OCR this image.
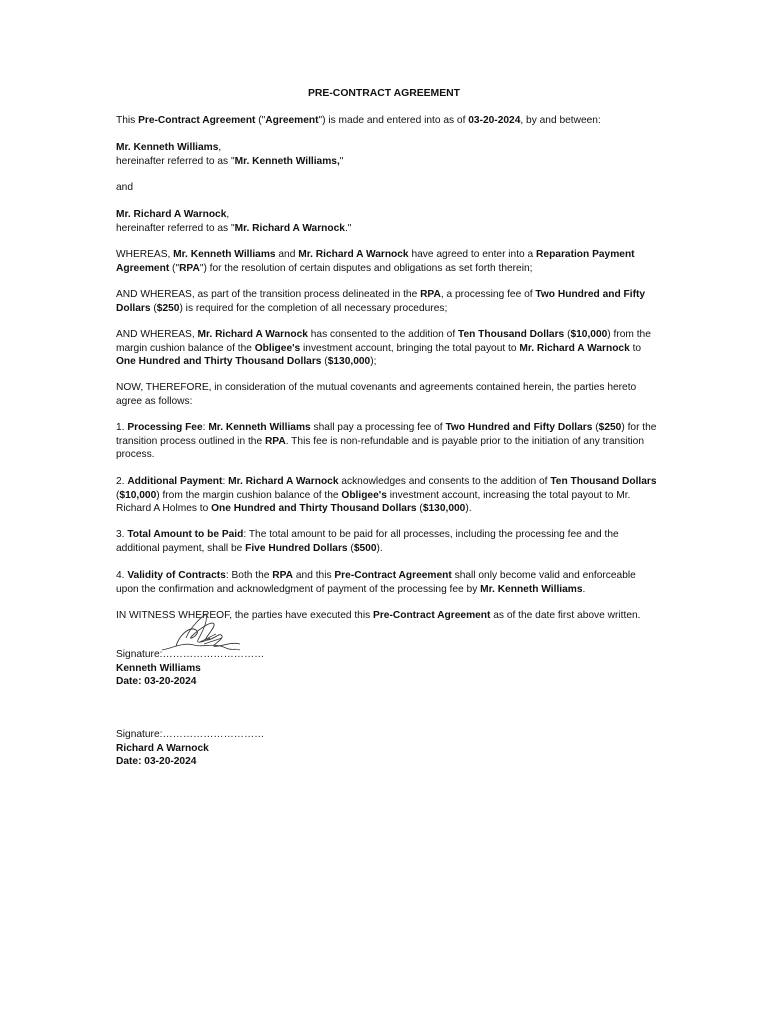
PRE-CONTRACT AGREEMENT

This Pre-Contract Agreement ("Agreement") is made and entered into as of 03-20-2024, by and between:

Mr. Kenneth Williams,

hereinafter referred to as "Mr. Kenneth Williams,"

and

Mr. Richard A Warnock,

hereinafter referred to as "Mr. Richard A Warnock."

WHEREAS, Mr. Kenneth Williams and Mr. Richard A Warnock have agreed to enter into a Reparation Payment Agreement ("RPA") for the resolution of certain disputes and obligations as set forth therein;

AND WHEREAS, as part of the transition process delineated in the RPA, a processing fee of Two Hundred and Fifty Dollars ($250) is required for the completion of all necessary procedures;

AND WHEREAS, Mr. Richard A Warnock has consented to the addition of Ten Thousand Dollars ($10,000) from the margin cushion balance of the Obligee's investment account, bringing the total payout to Mr. Richard A Warnock to One Hundred and Thirty Thousand Dollars ($130,000);

NOW, THEREFORE, in consideration of the mutual covenants and agreements contained herein, the parties hereto agree as follows:

1. Processing Fee: Mr. Kenneth Williams shall pay a processing fee of Two Hundred and Fifty Dollars ($250) for the transition process outlined in the RPA. This fee is non-refundable and is payable prior to the initiation of any transition process.

2. Additional Payment: Mr. Richard A Warnock acknowledges and consents to the addition of Ten Thousand Dollars ($10,000) from the margin cushion balance of the Obligee's investment account, increasing the total payout to Mr. Richard A Holmes to One Hundred and Thirty Thousand Dollars ($130,000).

3. Total Amount to be Paid: The total amount to be paid for all processes, including the processing fee and the additional payment, shall be Five Hundred Dollars ($500).

4. Validity of Contracts: Both the RPA and this Pre-Contract Agreement shall only become valid and enforceable upon the confirmation and acknowledgment of payment of the processing fee by Mr. Kenneth Williams.

IN WITNESS WHEREOF, the parties have executed this Pre-Contract Agreement as of the date first above written.

Signature:…………………………

Kenneth Williams

Date: 03-20-2024

Signature:…………………………

Richard A Warnock

Date: 03-20-2024
